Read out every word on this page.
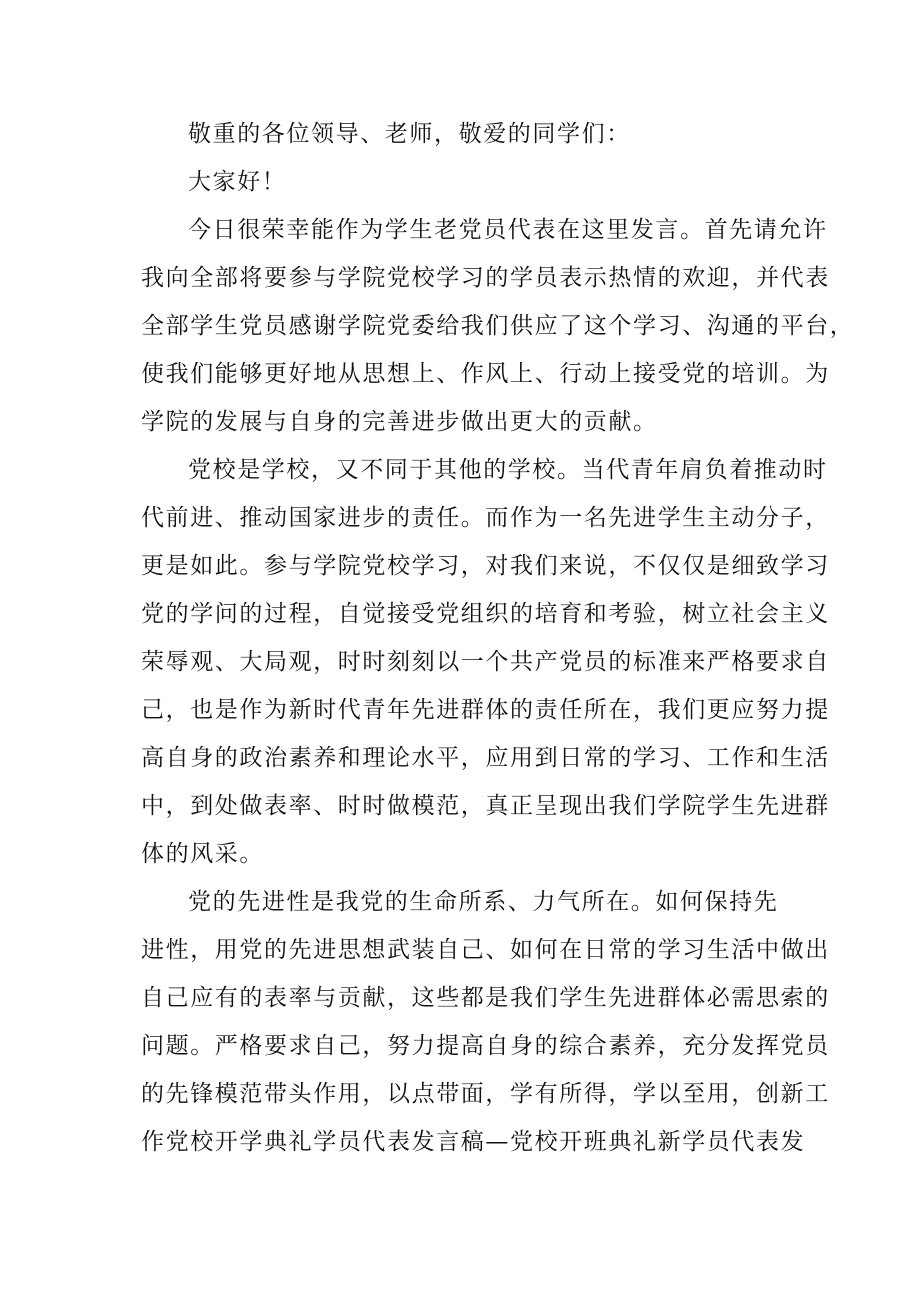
敬重的各位领导、老师，敬爱的同学们：
大家好！
今日很荣幸能作为学生老党员代表在这里发言。首先请允许
我向全部将要参与学院党校学习的学员表示热情的欢迎，并代表
全部学生党员感谢学院党委给我们供应了这个学习、沟通的平台，
使我们能够更好地从思想上、作风上、行动上接受党的培训。为
学院的发展与自身的完善进步做出更大的贡献。
党校是学校，又不同于其他的学校。当代青年肩负着推动时
代前进、推动国家进步的责任。而作为一名先进学生主动分子，
更是如此。参与学院党校学习，对我们来说，不仅仅是细致学习
党的学问的过程，自觉接受党组织的培育和考验，树立社会主义
荣辱观、大局观，时时刻刻以一个共产党员的标准来严格要求自
己，也是作为新时代青年先进群体的责任所在，我们更应努力提
高自身的政治素养和理论水平，应用到日常的学习、工作和生活
中，到处做表率、时时做模范，真正呈现出我们学院学生先进群
体的风采。
党的先进性是我党的生命所系、力气所在。如何保持先
进性，用党的先进思想武装自己、如何在日常的学习生活中做出
自己应有的表率与贡献，这些都是我们学生先进群体必需思索的
问题。严格要求自己，努力提高自身的综合素养，充分发挥党员
的先锋模范带头作用，以点带面，学有所得，学以至用，创新工
作党校开学典礼学员代表发言稿—党校开班典礼新学员代表发
